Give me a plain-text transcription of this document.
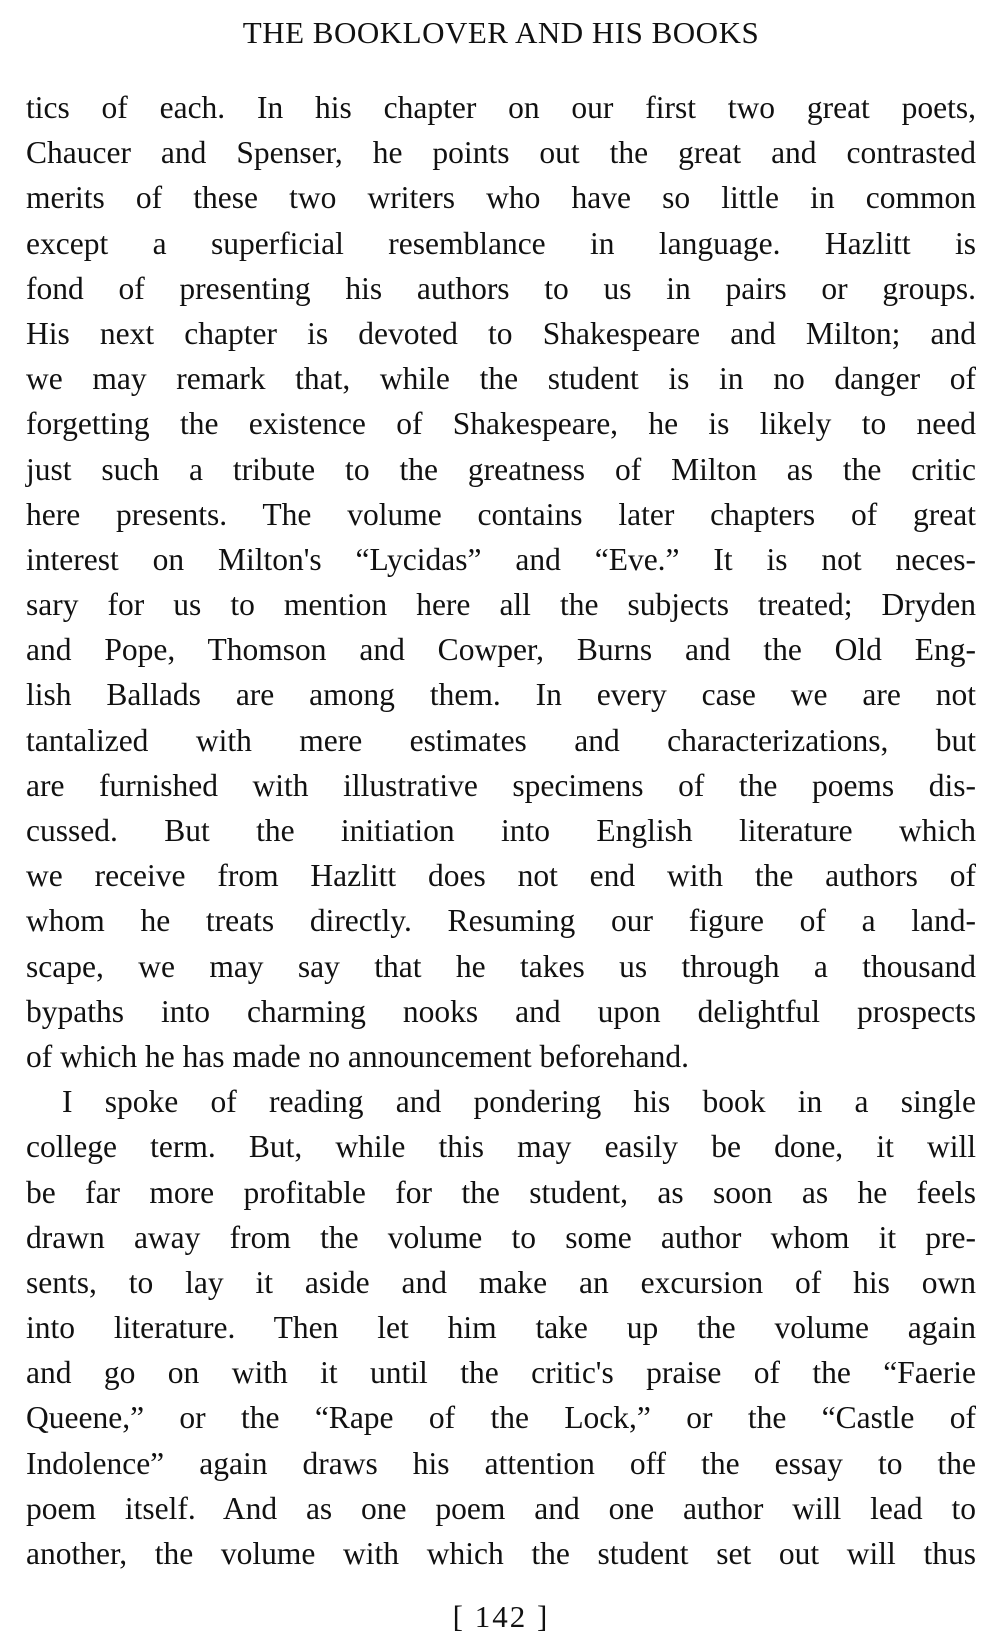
THE BOOKLOVER AND HIS BOOKS
tics of each. In his chapter on our first two great poets,
Chaucer and Spenser, he points out the great and contrasted
merits of these two writers who have so little in common
except a superficial resemblance in language. Hazlitt is
fond of presenting his authors to us in pairs or groups.
His next chapter is devoted to Shakespeare and Milton; and
we may remark that, while the student is in no danger of
forgetting the existence of Shakespeare, he is likely to need
just such a tribute to the greatness of Milton as the critic
here presents. The volume contains later chapters of great
interest on Milton's “Lycidas” and “Eve.” It is not neces-
sary for us to mention here all the subjects treated; Dryden
and Pope, Thomson and Cowper, Burns and the Old Eng-
lish Ballads are among them. In every case we are not
tantalized with mere estimates and characterizations, but
are furnished with illustrative specimens of the poems dis-
cussed. But the initiation into English literature which
we receive from Hazlitt does not end with the authors of
whom he treats directly. Resuming our figure of a land-
scape, we may say that he takes us through a thousand
bypaths into charming nooks and upon delightful prospects
of which he has made no announcement beforehand.
I spoke of reading and pondering his book in a single
college term. But, while this may easily be done, it will
be far more profitable for the student, as soon as he feels
drawn away from the volume to some author whom it pre-
sents, to lay it aside and make an excursion of his own
into literature. Then let him take up the volume again
and go on with it until the critic's praise of the “Faerie
Queene,” or the “Rape of the Lock,” or the “Castle of
Indolence” again draws his attention off the essay to the
poem itself. And as one poem and one author will lead to
another, the volume with which the student set out will thus
[ 142 ]
